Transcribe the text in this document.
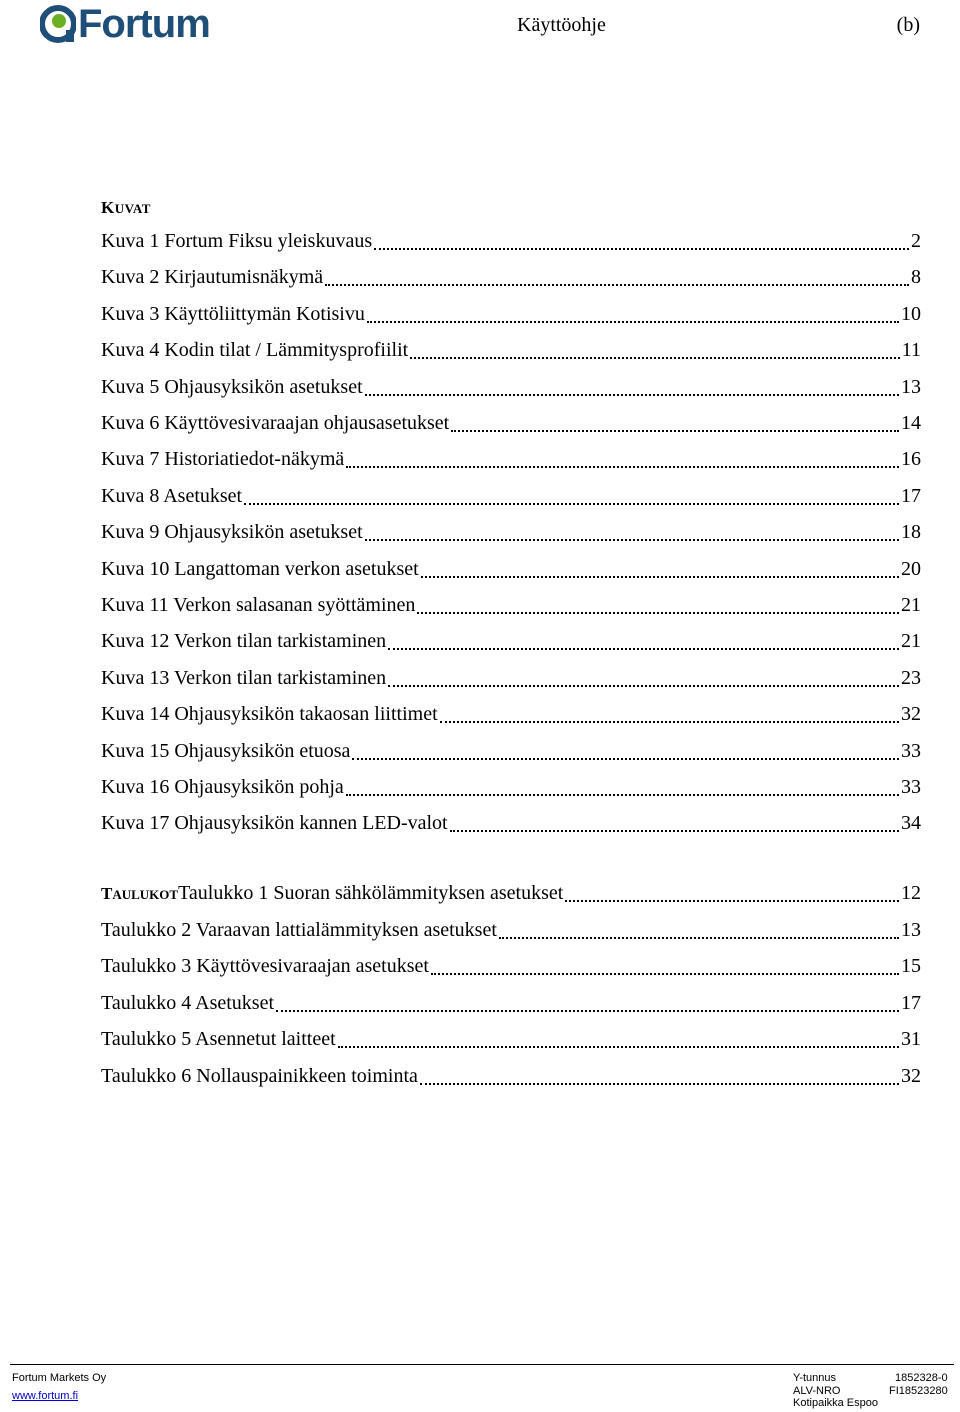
Fortum	Käyttöohje	(b)
KUVAT
Kuva 1 Fortum Fiksu yleiskuvaus	2
Kuva 2 Kirjautumisnäkymä	8
Kuva 3 Käyttöliittymän Kotisivu	10
Kuva 4 Kodin tilat / Lämmitysprofiilit	11
Kuva 5 Ohjausyksikön asetukset	13
Kuva 6 Käyttövesivaraajan ohjausasetukset	14
Kuva 7 Historiatiedot-näkymä	16
Kuva 8 Asetukset	17
Kuva 9 Ohjausyksikön asetukset	18
Kuva 10 Langattoman verkon asetukset	20
Kuva 11 Verkon salasanan syöttäminen	21
Kuva 12 Verkon tilan tarkistaminen	21
Kuva 13 Verkon tilan tarkistaminen	23
Kuva 14 Ohjausyksikön takaosan liittimet	32
Kuva 15 Ohjausyksikön etuosa	33
Kuva 16 Ohjausyksikön pohja	33
Kuva 17 Ohjausyksikön kannen LED-valot	34
TAULUKOT Taulukko 1 Suoran sähkölämmityksen asetukset	12
Taulukko 2 Varaavan lattialämmityksen asetukset	13
Taulukko 3 Käyttövesivaraajan asetukset	15
Taulukko 4 Asetukset	17
Taulukko 5 Asennetut laitteet	31
Taulukko 6 Nollauspainikkeen toiminta	32
Fortum Markets Oy
www.fortum.fi
Y-tunnus	1852328-0
ALV-NRO	FI18523280
Kotipaikka Espoo
